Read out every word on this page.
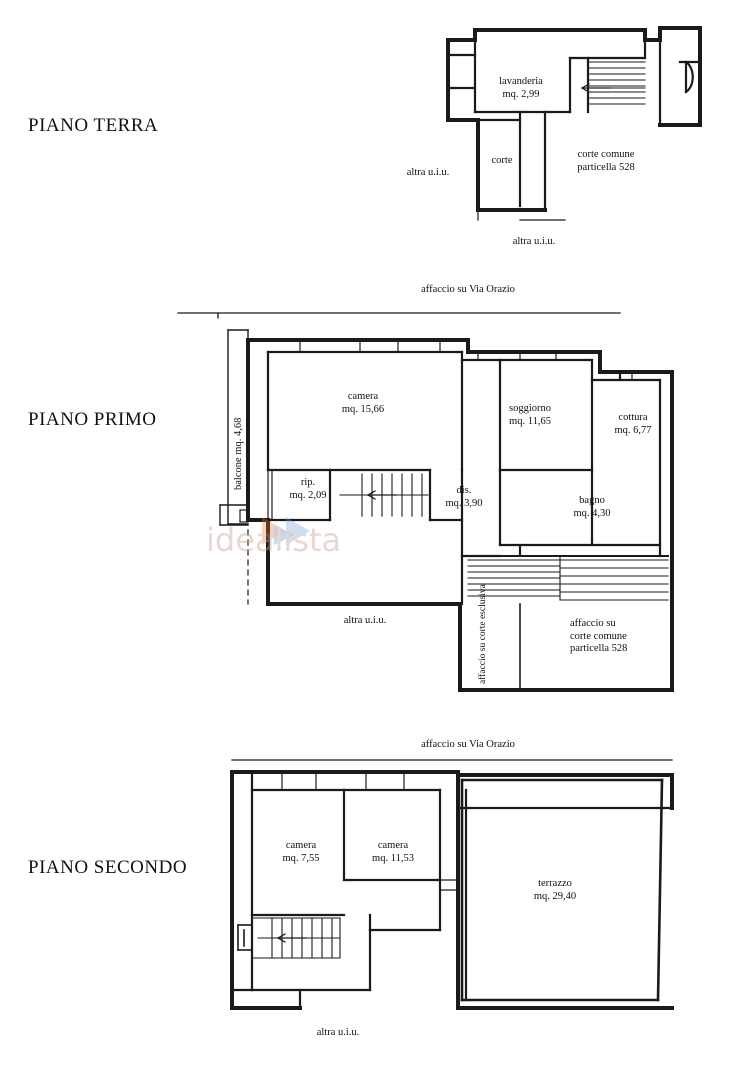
idealista
PIANO TERRA
lavanderia
mq. 2,99
corte
corte comune
particella 528
altra u.i.u.
altra u.i.u.
PIANO PRIMO
affaccio su Via Orazio
balcone mq. 4,68
camera
mq. 15,66	soggiorno
mq. 11,65	cottura
mq. 6,77
rip.
mq. 2,09	dis.
mq. 3,90	bagno
mq. 4,30
altra u.i.u.	affaccio su corte esclusiva	affaccio su
corte comune
particella 528
PIANO SECONDO
affaccio su Via Orazio
camera
mq. 7,55
camera
mq. 11,53
terrazzo
mq. 29,40
altra u.i.u.
